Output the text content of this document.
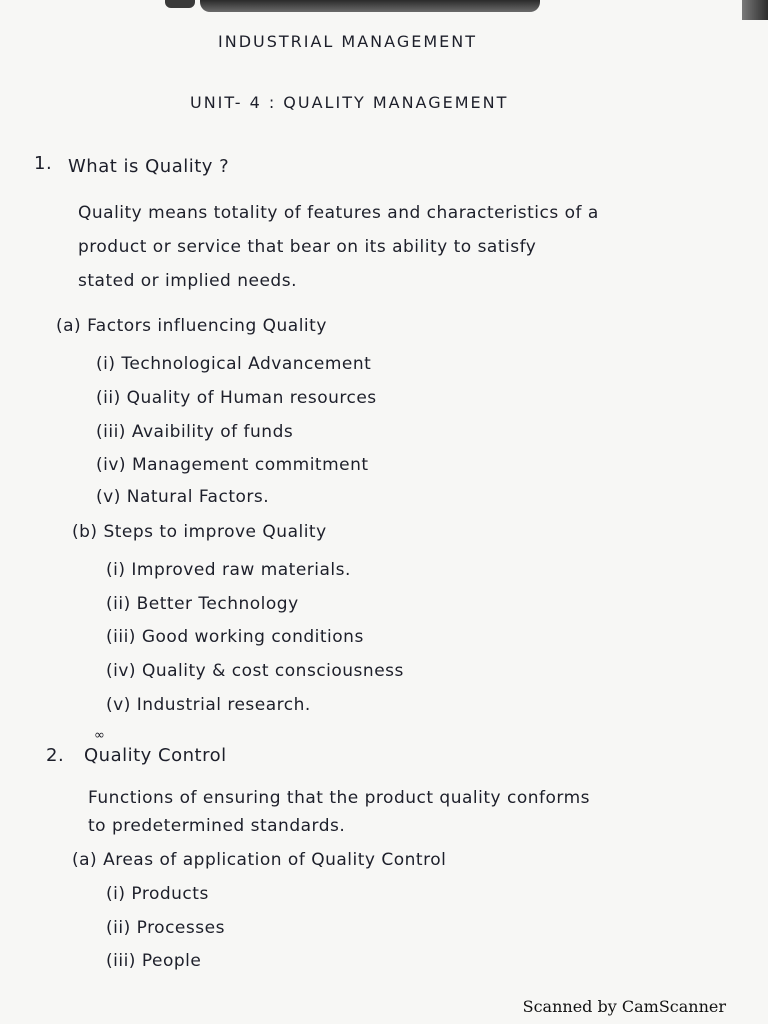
INDUSTRIAL MANAGEMENT
UNIT- 4 : QUALITY MANAGEMENT
1. What is Quality ?
Quality means totality of features and characteristics of a
product or service that bear on its ability to satisfy
stated or implied needs.
(a) Factors influencing Quality
(i) Technological Advancement
(ii) Quality of Human resources
(iii) Avaibility of funds
(iv) Management commitment
(v) Natural Factors.
(b) Steps to improve Quality
(i) Improved raw materials.
(ii) Better Technology
(iii) Good working conditions
(iv) Quality & cost consciousness
(v) Industrial research.
∞
2. Quality Control
Functions of ensuring that the product quality conforms
to predetermined standards.
(a) Areas of application of Quality Control
(i) Products
(ii) Processes
(iii) People
Scanned by CamScanner
